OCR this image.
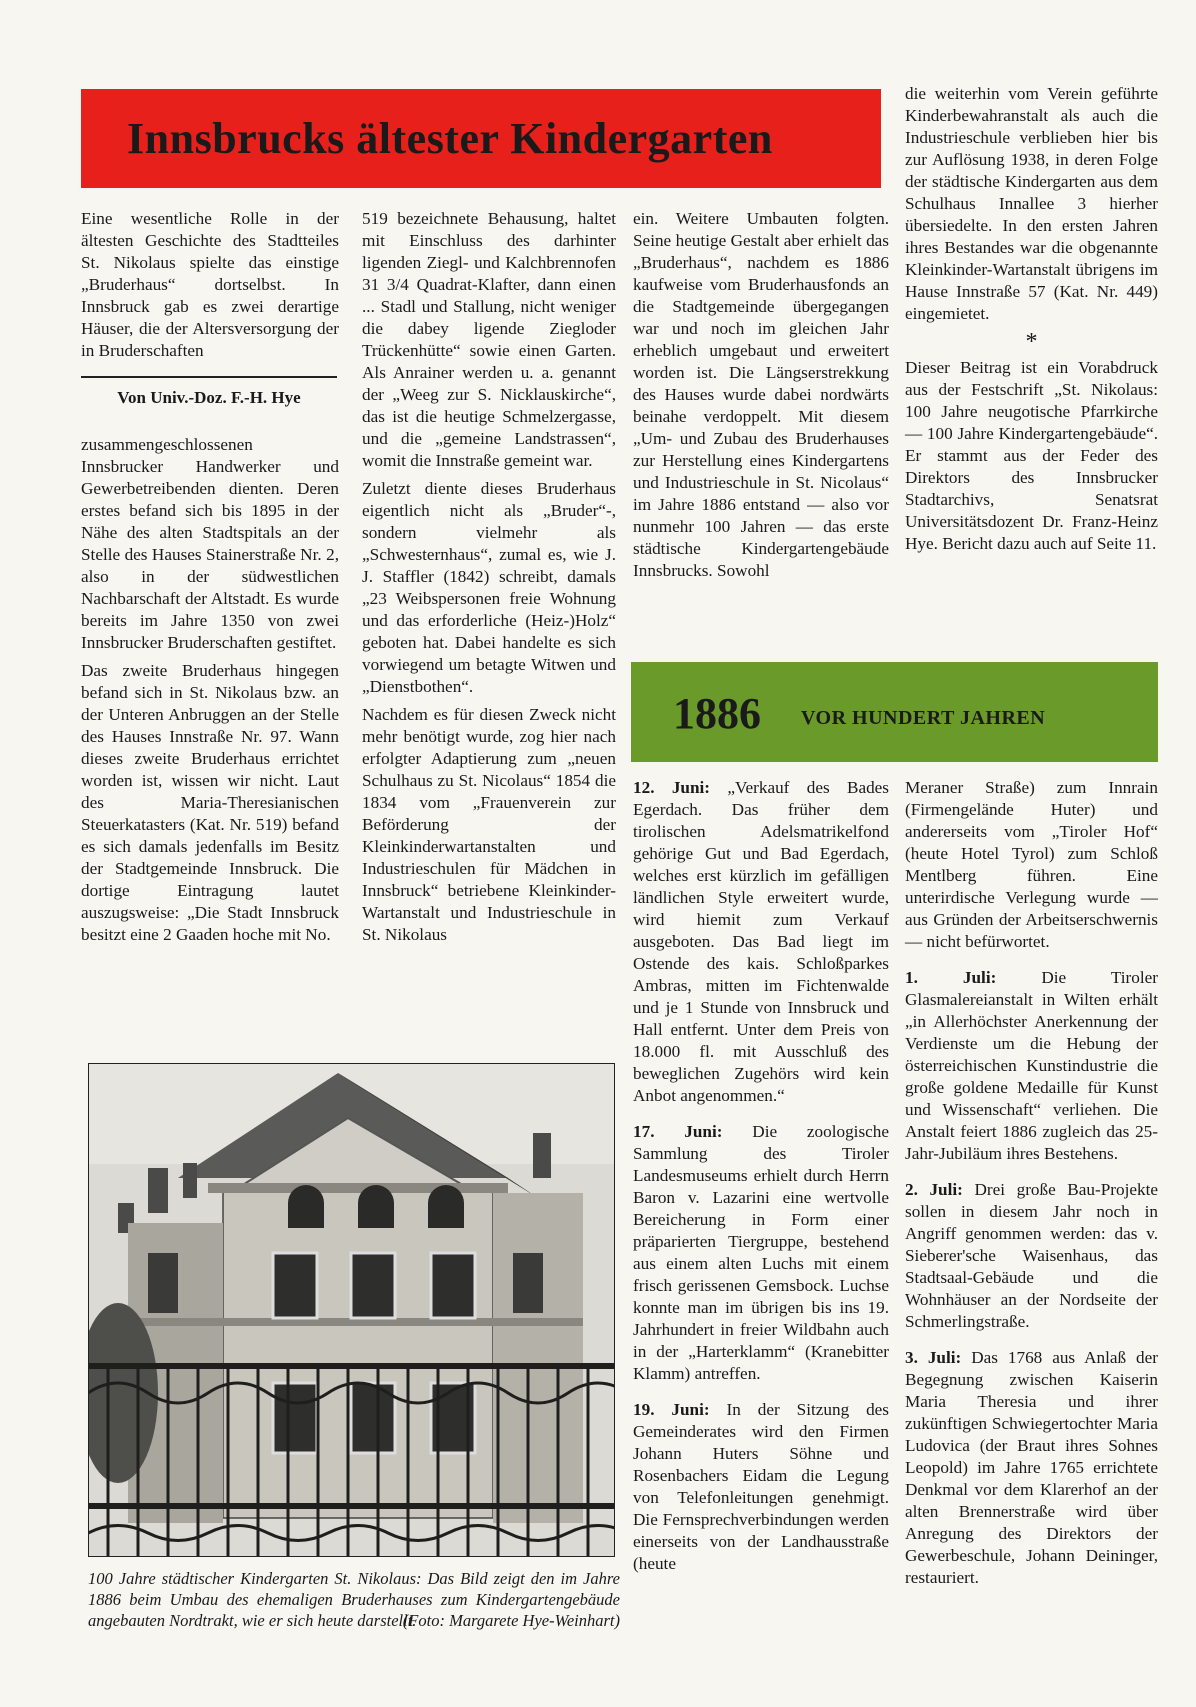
Innsbrucks ältester Kindergarten

Eine wesentliche Rolle in der ältesten Geschichte des Stadtteiles St. Nikolaus spielte das einstige „Bruderhaus“ dortselbst. In Innsbruck gab es zwei derartige Häuser, die der Altersversorgung der in Bruderschaften

Von Univ.-Doz. F.-H. Hye

zusammengeschlossenen Innsbrucker Handwerker und Gewerbetreibenden dienten. Deren erstes befand sich bis 1895 in der Nähe des alten Stadtspitals an der Stelle des Hauses Stainerstraße Nr. 2, also in der südwestlichen Nachbarschaft der Altstadt. Es wurde bereits im Jahre 1350 von zwei Innsbrucker Bruderschaften gestiftet.

Das zweite Bruderhaus hingegen befand sich in St. Nikolaus bzw. an der Unteren Anbruggen an der Stelle des Hauses Innstraße Nr. 97. Wann dieses zweite Bruderhaus errichtet worden ist, wissen wir nicht. Laut des Maria-Theresianischen Steuerkatasters (Kat. Nr. 519) befand es sich damals jedenfalls im Besitz der Stadtgemeinde Innsbruck. Die dortige Eintragung lautet auszugsweise: „Die Stadt Innsbruck besitzt eine 2 Gaaden hoche mit No.

519 bezeichnete Behausung, haltet mit Einschluss des darhinter ligenden Ziegl- und Kalchbrennofen 31 3/4 Quadrat-Klafter, dann einen ... Stadl und Stallung, nicht weniger die dabey ligende Ziegloder Trückenhütte“ sowie einen Garten. Als Anrainer werden u. a. genannt der „Weeg zur S. Nicklauskirche“, das ist die heutige Schmelzergasse, und die „gemeine Landstrassen“, womit die Innstraße gemeint war.

Zuletzt diente dieses Bruderhaus eigentlich nicht als „Bruder“-, sondern vielmehr als „Schwesternhaus“, zumal es, wie J. J. Staffler (1842) schreibt, damals „23 Weibspersonen freie Wohnung und das erforderliche (Heiz-)Holz“ geboten hat. Dabei handelte es sich vorwiegend um betagte Witwen und „Dienstbothen“.

Nachdem es für diesen Zweck nicht mehr benötigt wurde, zog hier nach erfolgter Adaptierung zum „neuen Schulhaus zu St. Nicolaus“ 1854 die 1834 vom „Frauenverein zur Beförderung der Kleinkinderwartanstalten und Industrieschulen für Mädchen in Innsbruck“ betriebene Kleinkinder-Wartanstalt und Industrieschule in St. Nikolaus

ein. Weitere Umbauten folgten. Seine heutige Gestalt aber erhielt das „Bruderhaus“, nachdem es 1886 kaufweise vom Bruderhausfonds an die Stadtgemeinde übergegangen war und noch im gleichen Jahr erheblich umgebaut und erweitert worden ist. Die Längserstrekkung des Hauses wurde dabei nordwärts beinahe verdoppelt. Mit diesem „Um- und Zubau des Bruderhauses zur Herstellung eines Kindergartens und Industrieschule in St. Nicolaus“ im Jahre 1886 entstand — also vor nunmehr 100 Jahren — das erste städtische Kindergartengebäude Innsbrucks. Sowohl

die weiterhin vom Verein geführte Kinderbewahranstalt als auch die Industrieschule verblieben hier bis zur Auflösung 1938, in deren Folge der städtische Kindergarten aus dem Schulhaus Innallee 3 hierher übersiedelte. In den ersten Jahren ihres Bestandes war die obgenannte Kleinkinder-Wartanstalt übrigens im Hause Innstraße 57 (Kat. Nr. 449) eingemietet.

*

Dieser Beitrag ist ein Vorabdruck aus der Festschrift „St. Nikolaus: 100 Jahre neugotische Pfarrkirche — 100 Jahre Kindergartengebäude“. Er stammt aus der Feder des Direktors des Innsbrucker Stadtarchivs, Senatsrat Universitätsdozent Dr. Franz-Heinz Hye. Bericht dazu auch auf Seite 11.

1886 VOR HUNDERT JAHREN

12. Juni: „Verkauf des Bades Egerdach. Das früher dem tirolischen Adelsmatrikelfond gehörige Gut und Bad Egerdach, welches erst kürzlich im gefälligen ländlichen Style erweitert wurde, wird hiemit zum Verkauf ausgeboten. Das Bad liegt im Ostende des kais. Schloßparkes Ambras, mitten im Fichtenwalde und je 1 Stunde von Innsbruck und Hall entfernt. Unter dem Preis von 18.000 fl. mit Ausschluß des beweglichen Zugehörs wird kein Anbot angenommen.“

17. Juni: Die zoologische Sammlung des Tiroler Landesmuseums erhielt durch Herrn Baron v. Lazarini eine wertvolle Bereicherung in Form einer präparierten Tiergruppe, bestehend aus einem alten Luchs mit einem frisch gerissenen Gemsbock. Luchse konnte man im übrigen bis ins 19. Jahrhundert in freier Wildbahn auch in der „Harterklamm“ (Kranebitter Klamm) antreffen.

19. Juni: In der Sitzung des Gemeinderates wird den Firmen Johann Huters Söhne und Rosenbachers Eidam die Legung von Telefonleitungen genehmigt. Die Fernsprechverbindungen werden einerseits von der Landhausstraße (heute

Meraner Straße) zum Innrain (Firmengelände Huter) und andererseits vom „Tiroler Hof“ (heute Hotel Tyrol) zum Schloß Mentlberg führen. Eine unterirdische Verlegung wurde — aus Gründen der Arbeitserschwernis — nicht befürwortet.

1. Juli: Die Tiroler Glasmalereianstalt in Wilten erhält „in Allerhöchster Anerkennung der Verdienste um die Hebung der österreichischen Kunstindustrie die große goldene Medaille für Kunst und Wissenschaft“ verliehen. Die Anstalt feiert 1886 zugleich das 25-Jahr-Jubiläum ihres Bestehens.

2. Juli: Drei große Bau-Projekte sollen in diesem Jahr noch in Angriff genommen werden: das v. Sieberer'sche Waisenhaus, das Stadtsaal-Gebäude und die Wohnhäuser an der Nordseite der Schmerlingstraße.

3. Juli: Das 1768 aus Anlaß der Begegnung zwischen Kaiserin Maria Theresia und ihrer zukünftigen Schwiegertochter Maria Ludovica (der Braut ihres Sohnes Leopold) im Jahre 1765 errichtete Denkmal vor dem Klarerhof an der alten Brennerstraße wird über Anregung des Direktors der Gewerbeschule, Johann Deininger, restauriert.

100 Jahre städtischer Kindergarten St. Nikolaus: Das Bild zeigt den im Jahre 1886 beim Umbau des ehemaligen Bruderhauses zum Kindergartengebäude angebauten Nordtrakt, wie er sich heute darstellt.
(Foto: Margarete Hye-Weinhart)
